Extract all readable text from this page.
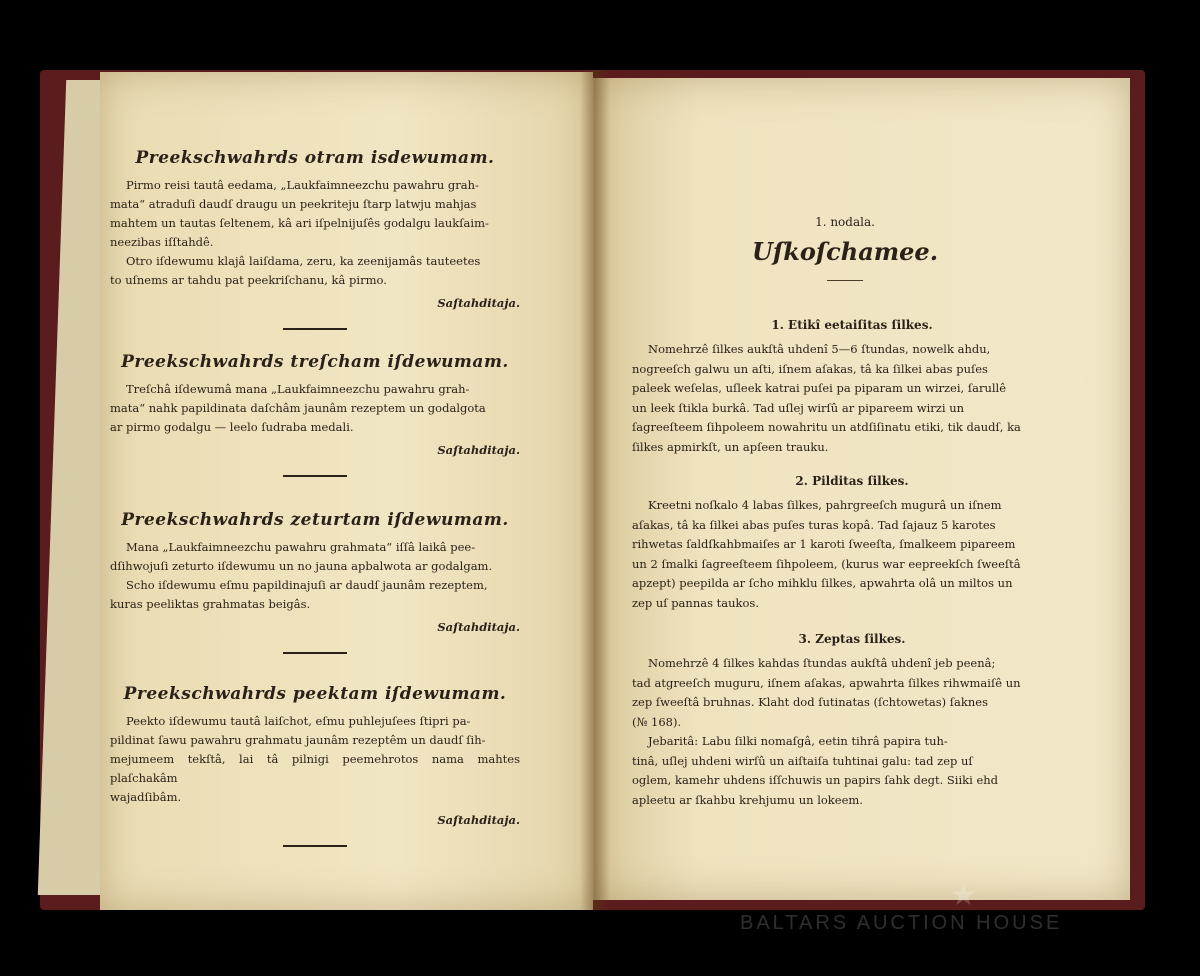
Preekschwahrds otram isdewumam.

Pirmo reisi tautâ eedama, „Laukfaimneezchu pawahru grah-

mata“ atraduſi daudſ draugu un peekriteju ſtarp latwju mahjas

mahtem un tautas ſeltenem, kâ ari iſpelnijuſês godalgu laukſaim-

neezibas iſſtahdê.

Otro iſdewumu klajâ laiſdama, zeru, ka zeenijamâs tauteetes

to uſnems ar tahdu pat peekriſchanu, kâ pirmo.

Saſtahditaja.
Preekschwahrds treſcham iſdewumam.

Treſchâ iſdewumâ mana „Laukfaimneezchu pawahru grah-

mata“ nahk papildinata daſchâm jaunâm rezeptem un godalgota

ar pirmo godalgu — leelo ſudraba medali.

Saſtahditaja.
Preekschwahrds zeturtam iſdewumam.

Mana „Laukfaimneezchu pawahru grahmata“ iſſâ laikâ pee-

dſihwojuſi zeturto iſdewumu un no jauna apbalwota ar godalgam.

Scho iſdewumu eſmu papildinajuſi ar daudſ jaunâm rezeptem,

kuras peeliktas grahmatas beigâs.

Saſtahditaja.
Preekschwahrds peektam iſdewumam.

Peekto iſdewumu tautâ laiſchot, eſmu puhlejuſees ſtipri pa-

pildinat ſawu pawahru grahmatu jaunâm rezeptêm un daudſ ſih-

mejumeem tekſtâ, lai tâ pilnigi peemehrotos nama mahtes plaſchakâm

wajadſibâm.

Saſtahditaja.
1. nodala.
Uſkoſchamee.
1. Etikî eetaiſitas ſilkes.

Nomehrzê ſilkes aukſtâ uhdenî 5—6 ſtundas, nowelk ahdu,

nogreeſch galwu un aſti, iſnem aſakas, tâ ka ſilkei abas puſes

paleek weſelas, uſleek katrai puſei pa piparam un wirzei, ſarullê

un leek ſtikla burkâ. Tad uſlej wirſû ar pipareem wirzi un

ſagreeſteem ſihpoleem nowahritu un atdſiſinatu etiki, tik daudſ, ka

ſilkes apmirkſt, un apſeen trauku.

2. Pilditas ſilkes.

Kreetni noſkalo 4 labas ſilkes, pahrgreeſch mugurâ un iſnem

aſakas, tâ ka ſilkei abas puſes turas kopâ. Tad ſajauz 5 karotes

rihwetas ſaldſkahbmaiſes ar 1 karoti ſweeſta, ſmalkeem pipareem

un 2 ſmalki ſagreeſteem ſihpoleem, (kurus war eepreekſch ſweeſtâ

apzept) peepilda ar ſcho mihklu ſilkes, apwahrta olâ un miltos un

zep uſ pannas taukos.

3. Zeptas ſilkes.

Nomehrzê 4 ſilkes kahdas ſtundas aukſtâ uhdenî jeb peenâ;

tad atgreeſch muguru, iſnem aſakas, apwahrta ſilkes rihwmaiſê un

zep ſweeſtâ bruhnas. Klaht dod ſutinatas (ſchtowetas) ſaknes

(№ 168).

Jebaritâ: Labu ſilki nomaſgâ, eetin tihrâ papira tuh-

tinâ, uſlej uhdeni wirſû un aiſtaiſa tuhtinai galu: tad zep uſ

oglem, kamehr uhdens iſſchuwis un papirs ſahk degt. Siiki ehd

apleetu ar ſkahbu krehjumu un lokeem.

★
BALTARS AUCTION HOUSE
